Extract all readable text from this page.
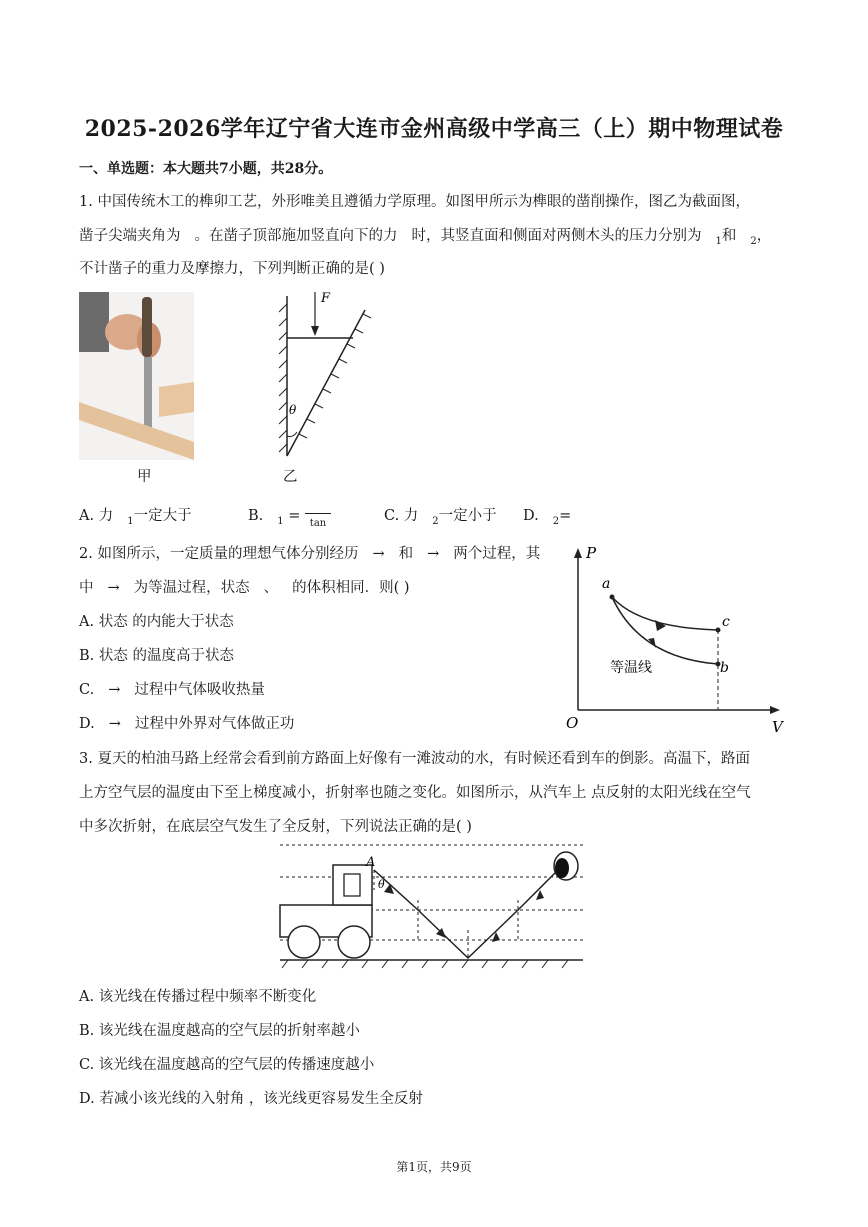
2025-2026学年辽宁省大连市金州高级中学高三（上）期中物理试卷
一、单选题：本大题共7小题，共28分。
1. 中国传统木工的榫卯工艺，外形唯美且遵循力学原理。如图甲所示为榫眼的凿削操作，图乙为截面图，
凿子尖端夹角为 。在凿子顶部施加竖直向下的力 时，其竖直面和侧面对两侧木头的压力分别为 $_1$和 $_2$，
不计凿子的重力及摩擦力，下列判断正确的是( )
甲
F
θ
乙
A. 力 $_1$一定大于	B. $_1$ = tan	C. 力 $_2$一定小于 D. $_2$=
2. 如图所示，一定质量的理想气体分别经历 → 和 → 两个过程，其
中 → 为等温过程，状态 、 的体积相同．则( )
A. 状态 的内能大于状态
B. 状态 的温度高于状态
C. → 过程中气体吸收热量
D. → 过程中外界对气体做正功
P
V
O
a
c
b
等温线
3. 夏天的柏油马路上经常会看到前方路面上好像有一滩波动的水，有时候还看到车的倒影。高温下，路面
上方空气层的温度由下至上梯度减小，折射率也随之变化。如图所示，从汽车上 点反射的太阳光线在空气
中多次折射，在底层空气发生了全反射，下列说法正确的是( )
A
θ
A. 该光线在传播过程中频率不断变化
B. 该光线在温度越高的空气层的折射率越小
C. 该光线在温度越高的空气层的传播速度越小
D. 若减小该光线的入射角 ，该光线更容易发生全反射
第1页，共9页
